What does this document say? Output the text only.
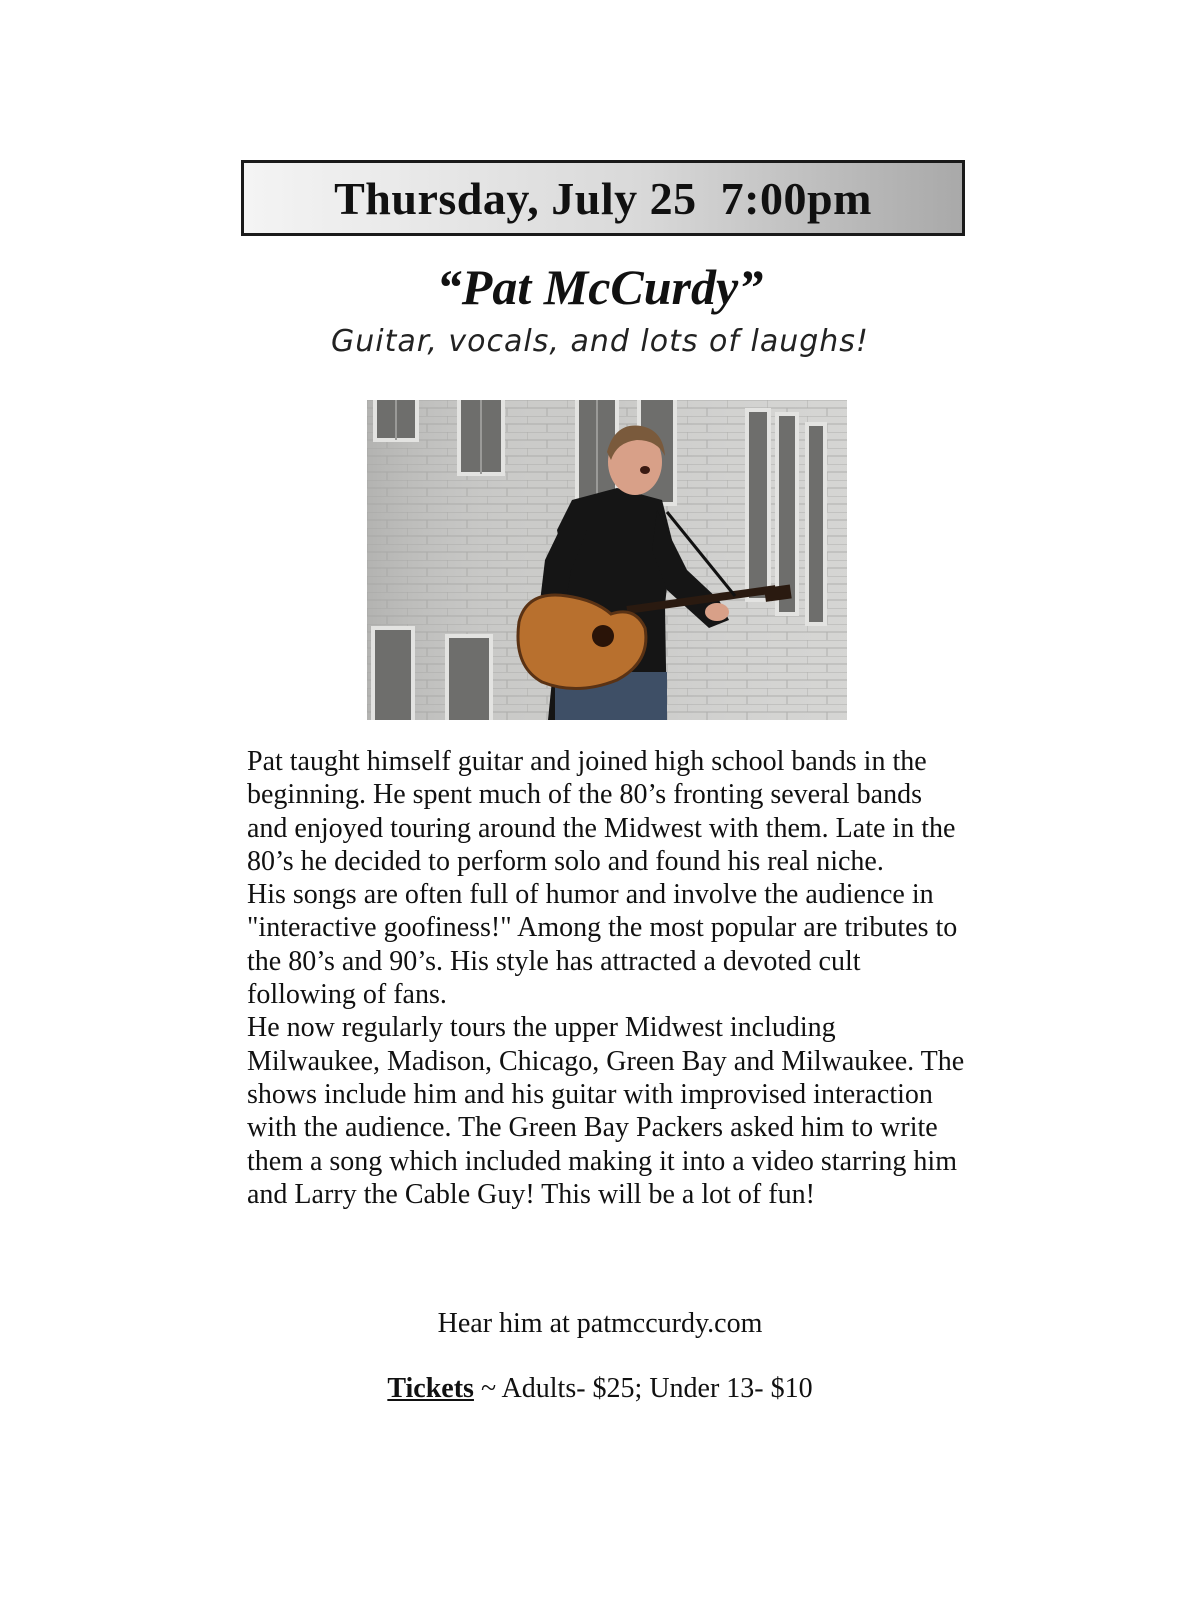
Thursday, July 25  7:00pm
“Pat McCurdy”
Guitar, vocals, and lots of laughs!

Pat taught himself guitar and joined high school bands in the beginning. He spent much of the 80’s fronting several bands and enjoyed touring around the Midwest with them. Late in the 80’s he decided to perform solo and found his real niche.

His songs are often full of humor and involve the audience in "interactive goofiness!" Among the most popular are tributes to the 80’s and 90’s. His style has attracted a devoted cult following of fans.

He now regularly tours the upper Midwest including Milwaukee, Madison, Chicago, Green Bay and Milwaukee. The shows include him and his guitar with improvised interaction with the audience. The Green Bay Packers asked him to write them a song which included making it into a video starring him and Larry the Cable Guy! This will be a lot of fun!

Hear him at patmccurdy.com
Tickets ~ Adults- $25; Under 13- $10
